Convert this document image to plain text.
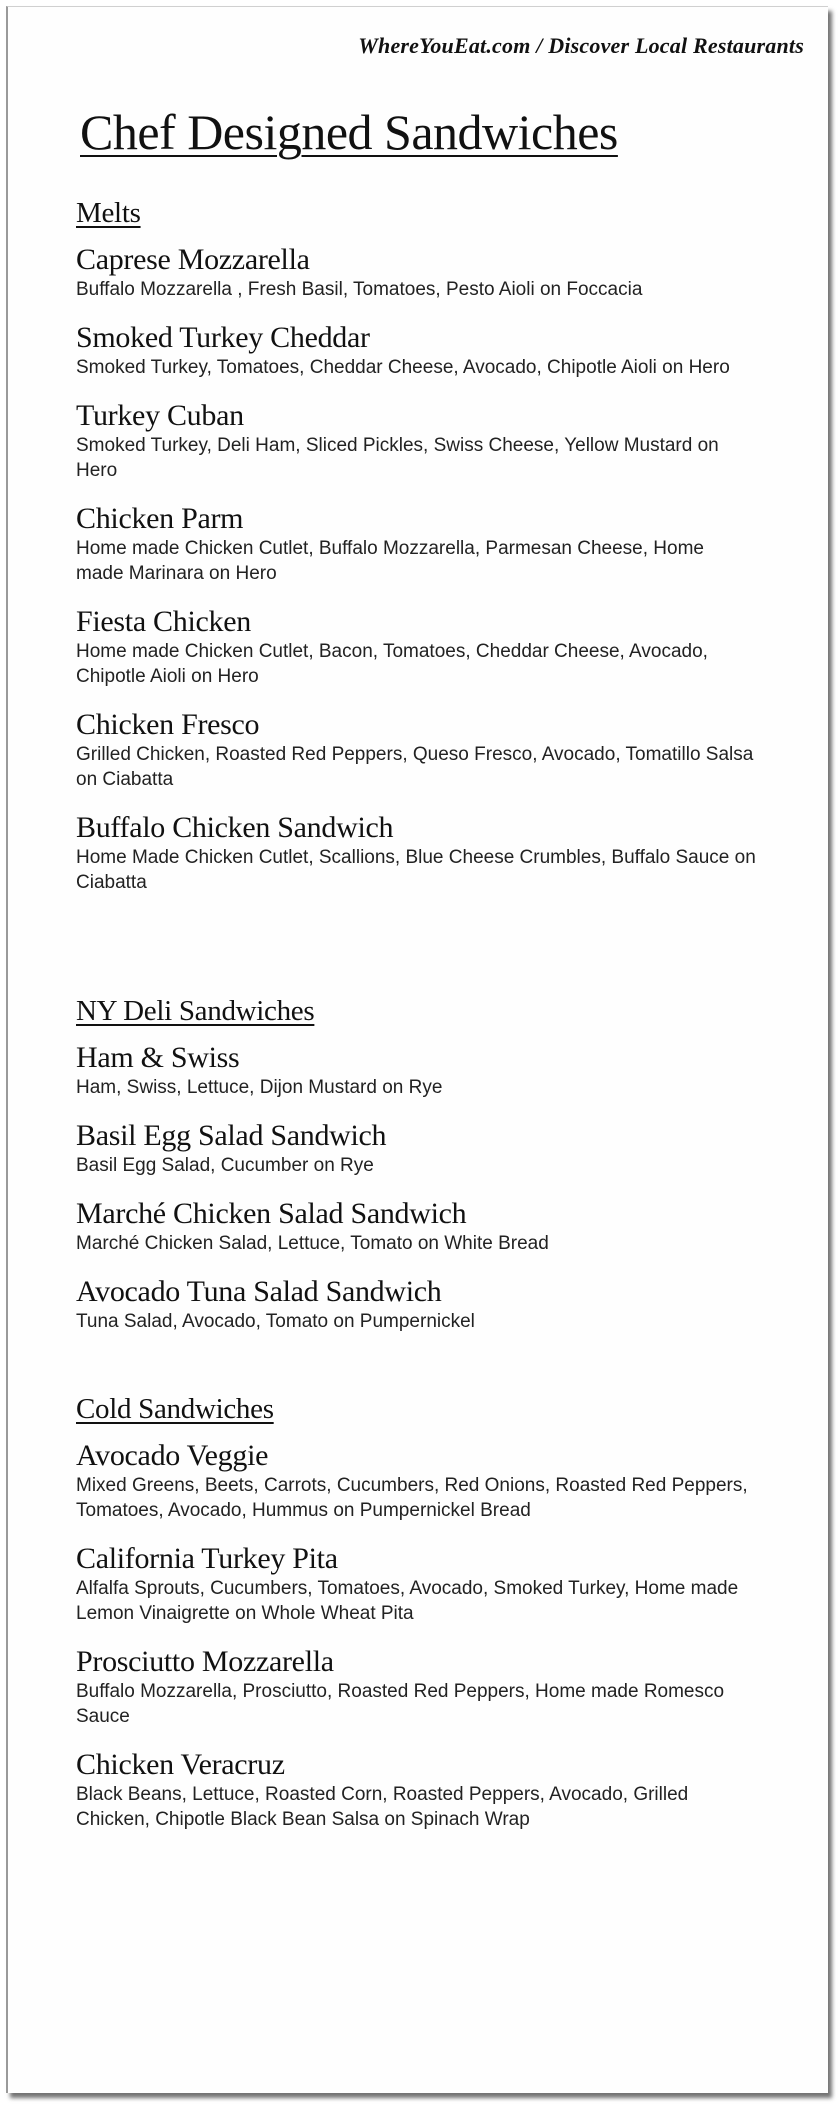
WhereYouEat.com / Discover Local Restaurants
Chef Designed Sandwiches
Melts
Caprese Mozzarella
Buffalo Mozzarella , Fresh Basil, Tomatoes, Pesto Aioli on Foccacia
Smoked Turkey Cheddar
Smoked Turkey, Tomatoes, Cheddar Cheese, Avocado, Chipotle Aioli on Hero
Turkey Cuban
Smoked Turkey, Deli Ham, Sliced Pickles, Swiss Cheese, Yellow Mustard on Hero
Chicken Parm
Home made Chicken Cutlet, Buffalo Mozzarella, Parmesan Cheese, Home made Marinara on Hero
Fiesta Chicken
Home made Chicken Cutlet, Bacon, Tomatoes, Cheddar Cheese, Avocado, Chipotle Aioli on Hero
Chicken Fresco
Grilled Chicken, Roasted Red Peppers, Queso Fresco, Avocado, Tomatillo Salsa on Ciabatta
Buffalo Chicken Sandwich
Home Made Chicken Cutlet, Scallions, Blue Cheese Crumbles, Buffalo Sauce on Ciabatta
NY Deli Sandwiches
Ham & Swiss
Ham, Swiss, Lettuce, Dijon Mustard on Rye
Basil Egg Salad Sandwich
Basil Egg Salad, Cucumber on Rye
Marché Chicken Salad Sandwich
Marché Chicken Salad, Lettuce, Tomato on White Bread
Avocado Tuna Salad Sandwich
Tuna Salad, Avocado, Tomato on Pumpernickel
Cold Sandwiches
Avocado Veggie
Mixed Greens, Beets, Carrots, Cucumbers, Red Onions, Roasted Red Peppers, Tomatoes, Avocado, Hummus on Pumpernickel Bread
California Turkey Pita
Alfalfa Sprouts, Cucumbers, Tomatoes, Avocado, Smoked Turkey, Home made Lemon Vinaigrette on Whole Wheat Pita
Prosciutto Mozzarella
Buffalo Mozzarella, Prosciutto, Roasted Red Peppers, Home made Romesco Sauce
Chicken Veracruz
Black Beans, Lettuce, Roasted Corn, Roasted Peppers, Avocado, Grilled Chicken, Chipotle Black Bean Salsa on Spinach Wrap
